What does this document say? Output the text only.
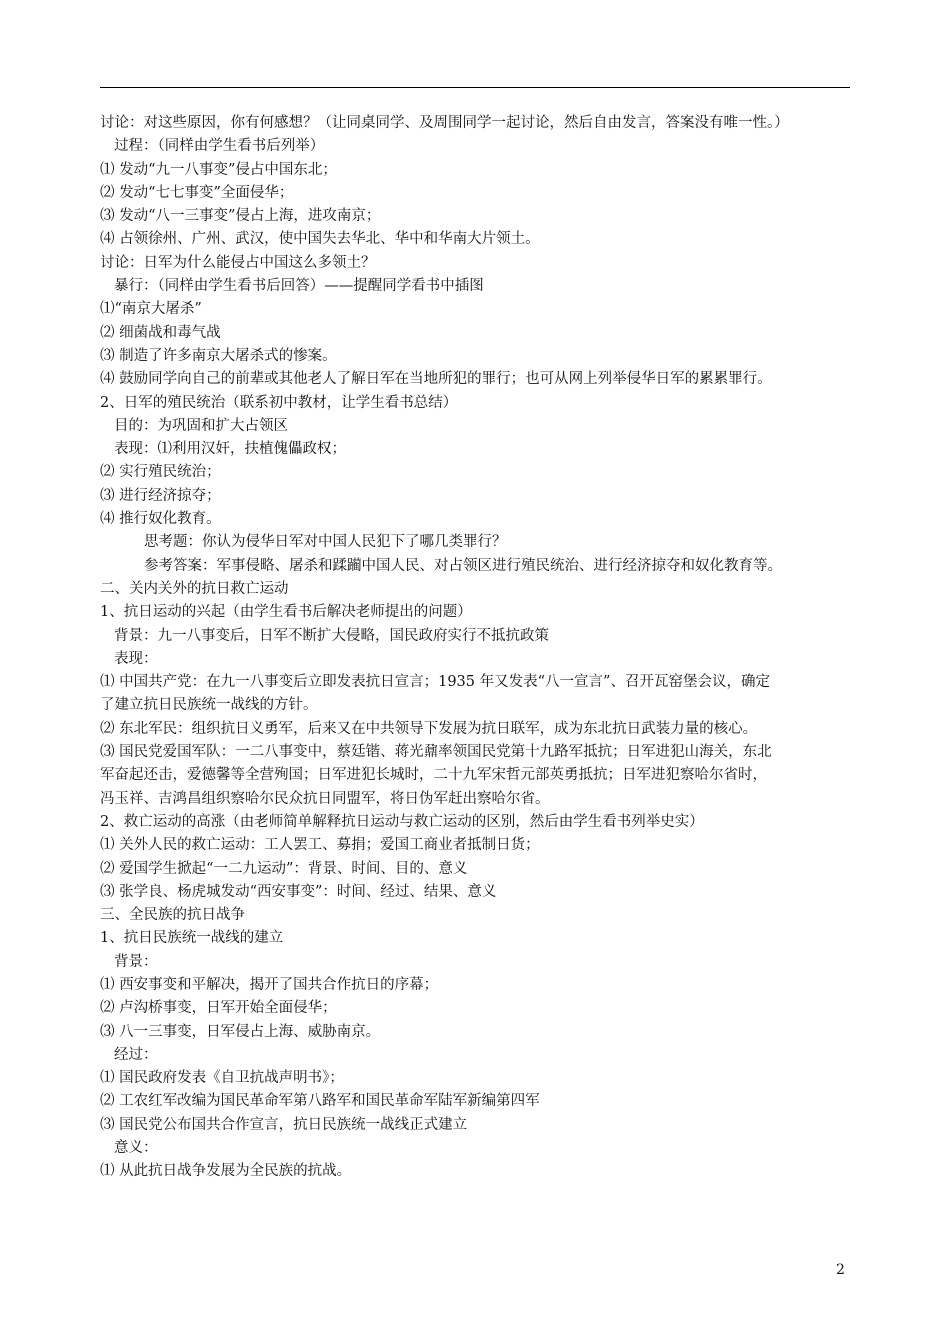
讨论：对这些原因，你有何感想？（让同桌同学、及周围同学一起讨论，然后自由发言，答案没有唯一性。）
过程：（同样由学生看书后列举）
⑴ 发动“九一八事变”侵占中国东北；
⑵ 发动“七七事变”全面侵华；
⑶ 发动“八一三事变”侵占上海，进攻南京；
⑷ 占领徐州、广州、武汉，使中国失去华北、华中和华南大片领土。
讨论：日军为什么能侵占中国这么多领土？
暴行：（同样由学生看书后回答）——提醒同学看书中插图
⑴“南京大屠杀”
⑵ 细菌战和毒气战
⑶ 制造了许多南京大屠杀式的惨案。
⑷ 鼓励同学向自己的前辈或其他老人了解日军在当地所犯的罪行；也可从网上列举侵华日军的累累罪行。
2、日军的殖民统治（联系初中教材，让学生看书总结）
目的：为巩固和扩大占领区
表现：⑴利用汉奸，扶植傀儡政权；
⑵ 实行殖民统治；
⑶ 进行经济掠夺；
⑷ 推行奴化教育。
思考题：你认为侵华日军对中国人民犯下了哪几类罪行？
参考答案：军事侵略、屠杀和蹂躏中国人民、对占领区进行殖民统治、进行经济掠夺和奴化教育等。
二、关内关外的抗日救亡运动
1、抗日运动的兴起（由学生看书后解决老师提出的问题）
背景：九一八事变后，日军不断扩大侵略，国民政府实行不抵抗政策
表现：
⑴ 中国共产党：在九一八事变后立即发表抗日宣言；1935 年又发表“八一宣言”、召开瓦窑堡会议，确定
了建立抗日民族统一战线的方针。
⑵ 东北军民：组织抗日义勇军，后来又在中共领导下发展为抗日联军，成为东北抗日武装力量的核心。
⑶ 国民党爱国军队：一二八事变中，蔡廷锴、蒋光鼐率领国民党第十九路军抵抗；日军进犯山海关，东北
军奋起还击，爱德馨等全营殉国；日军进犯长城时，二十九军宋哲元部英勇抵抗；日军进犯察哈尔省时，
冯玉祥、吉鸿昌组织察哈尔民众抗日同盟军，将日伪军赶出察哈尔省。
2、救亡运动的高涨（由老师简单解释抗日运动与救亡运动的区别，然后由学生看书列举史实）
⑴ 关外人民的救亡运动：工人罢工、募捐；爱国工商业者抵制日货；
⑵ 爱国学生掀起“一二九运动”：背景、时间、目的、意义
⑶ 张学良、杨虎城发动“西安事变”：时间、经过、结果、意义
三、全民族的抗日战争
1、抗日民族统一战线的建立
背景：
⑴ 西安事变和平解决，揭开了国共合作抗日的序幕；
⑵ 卢沟桥事变，日军开始全面侵华；
⑶ 八一三事变，日军侵占上海、威胁南京。
经过：
⑴ 国民政府发表《自卫抗战声明书》；
⑵ 工农红军改编为国民革命军第八路军和国民革命军陆军新编第四军
⑶ 国民党公布国共合作宣言，抗日民族统一战线正式建立
意义：
⑴ 从此抗日战争发展为全民族的抗战。
2
